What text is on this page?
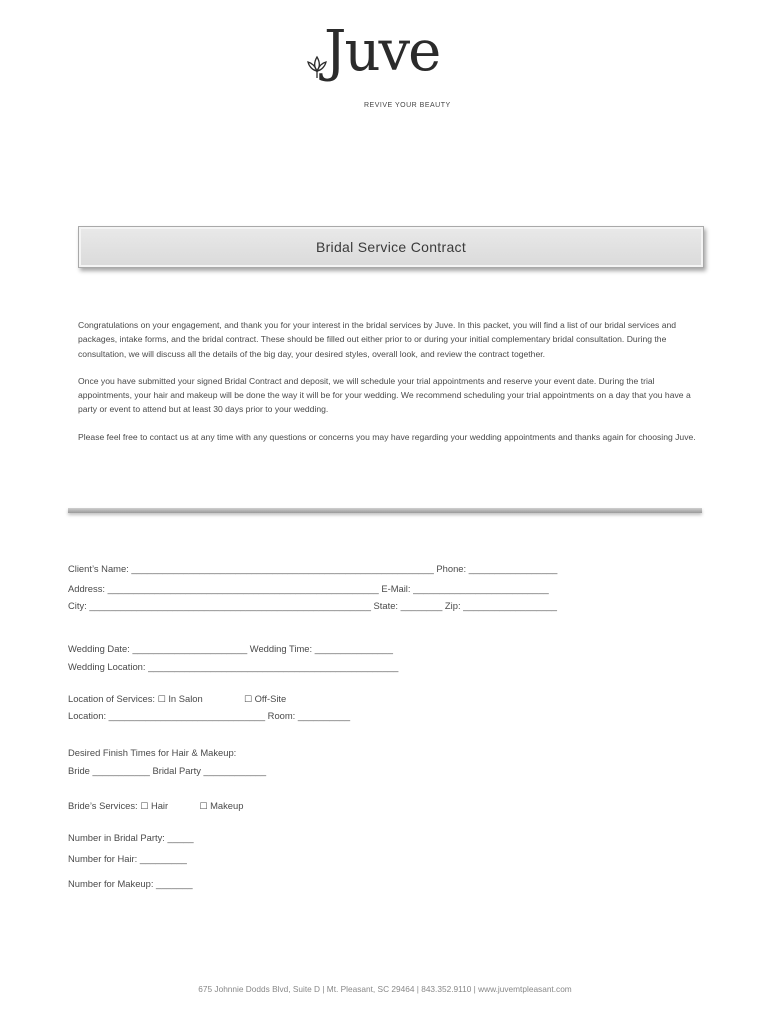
Juve
REVIVE YOUR BEAUTY
Bridal Service Contract

Congratulations on your engagement, and thank you for your interest in the bridal services by Juve. In this packet, you will find a list of our bridal services and packages, intake forms, and the bridal contract. These should be filled out either prior to or during your initial complementary bridal consultation. During the consultation, we will discuss all the details of the big day, your desired styles, overall look, and review the contract together.

Once you have submitted your signed Bridal Contract and deposit, we will schedule your trial appointments and reserve your event date. During the trial appointments, your hair and makeup will be done the way it will be for your wedding. We recommend scheduling your trial appointments on a day that you have a party or event to attend but at least 30 days prior to your wedding.

Please feel free to contact us at any time with any questions or concerns you may have regarding your wedding appointments and thanks again for choosing Juve.

Client’s Name: __________________________________________________________ Phone: _________________
Address: ____________________________________________________ E-Mail: __________________________
City: ______________________________________________________ State: ________ Zip: __________________
Wedding Date: ______________________ Wedding Time: _______________
Wedding Location: ________________________________________________
Location of Services: ☐ In Salon	☐ Off-Site
Location: ______________________________ Room: __________
Desired Finish Times for Hair & Makeup:
Bride ___________ Bridal Party ____________
Bride’s Services: ☐ Hair	☐ Makeup
Number in Bridal Party: _____
Number for Hair: _________
Number for Makeup: _______
675 Johnnie Dodds Blvd, Suite D | Mt. Pleasant, SC 29464 | 843.352.9110 | www.juvemtpleasant.com
